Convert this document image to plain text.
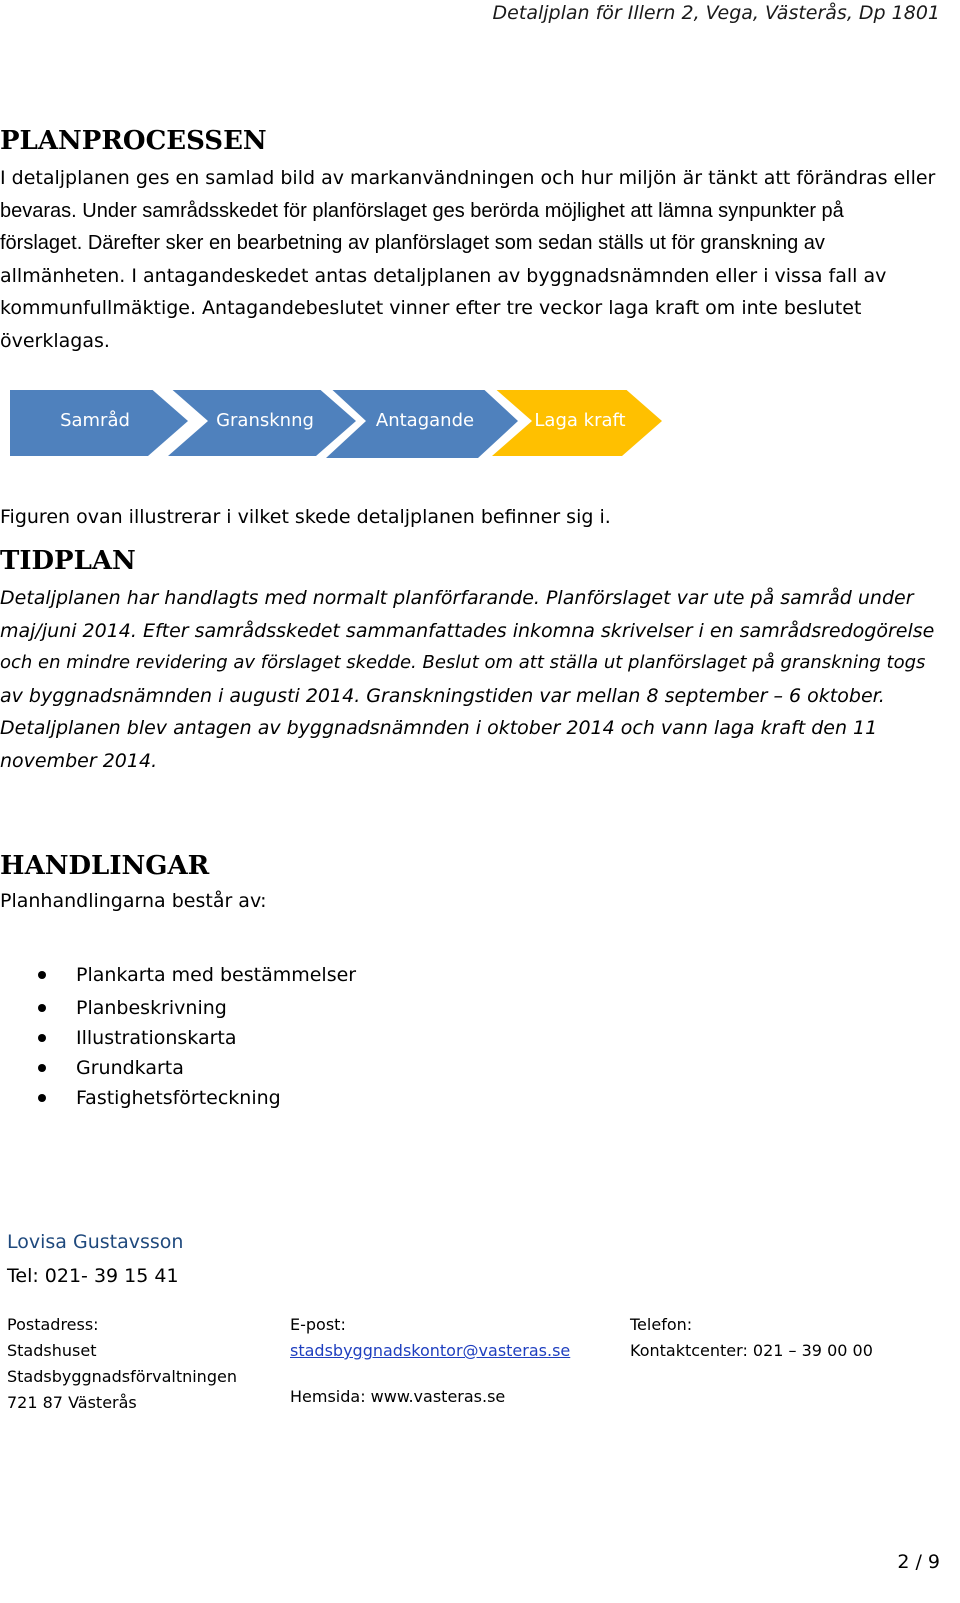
Detaljplan för Illern 2, Vega, Västerås, Dp 1801
PLANPROCESSEN
I detaljplanen ges en samlad bild av markanvändningen och hur miljön är tänkt att förändras eller
bevaras. Under samrådsskedet för planförslaget ges berörda möjlighet att lämna synpunkter på
förslaget. Därefter sker en bearbetning av planförslaget som sedan ställs ut för granskning av
allmänheten. I antagandeskedet antas detaljplanen av byggnadsnämnden eller i vissa fall av
kommunfullmäktige. Antagandebeslutet vinner efter tre veckor laga kraft om inte beslutet
överklagas.
Samråd	Gransknng	Antagande	Laga kraft
Figuren ovan illustrerar i vilket skede detaljplanen befinner sig i.
TIDPLAN
Detaljplanen har handlagts med normalt planförfarande. Planförslaget var ute på samråd under
maj/juni 2014. Efter samrådsskedet sammanfattades inkomna skrivelser i en samrådsredogörelse
och en mindre revidering av förslaget skedde. Beslut om att ställa ut planförslaget på granskning togs
av byggnadsnämnden i augusti 2014. Granskningstiden var mellan 8 september – 6 oktober.
Detaljplanen blev antagen av byggnadsnämnden i oktober 2014 och vann laga kraft den 11
november 2014.
HANDLINGAR
Planhandlingarna består av:
Plankarta med bestämmelser
Planbeskrivning
Illustrationskarta
Grundkarta
Fastighetsförteckning
Lovisa Gustavsson
Tel: 021- 39 15 41
Postadress:
Stadshuset
Stadsbyggnadsförvaltningen
721 87 Västerås
E-post:
stadsbyggnadskontor@vasteras.se
Hemsida: www.vasteras.se
Telefon:
Kontaktcenter: 021 – 39 00 00
2 / 9
